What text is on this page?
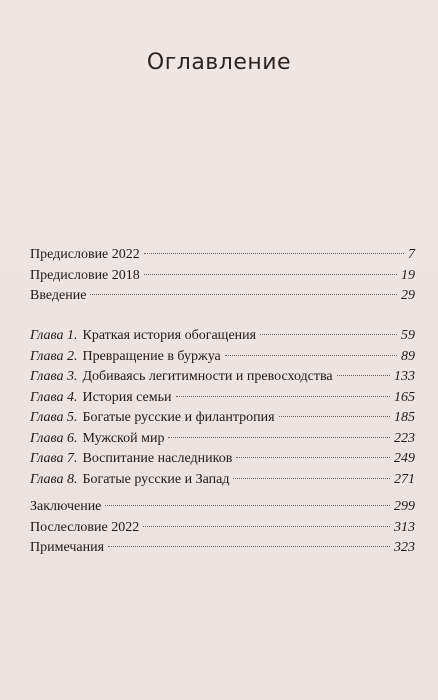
Оглавление
Предисловие 2022	7
Предисловие 2018	19
Введение	29
Глава 1. Краткая история обогащения	59
Глава 2. Превращение в буржуа	89
Глава 3. Добиваясь легитимности и превосходства	133
Глава 4. История семьи	165
Глава 5. Богатые русские и филантропия	185
Глава 6. Мужской мир	223
Глава 7. Воспитание наследников	249
Глава 8. Богатые русские и Запад	271
Заключение	299
Послесловие 2022	313
Примечания	323
